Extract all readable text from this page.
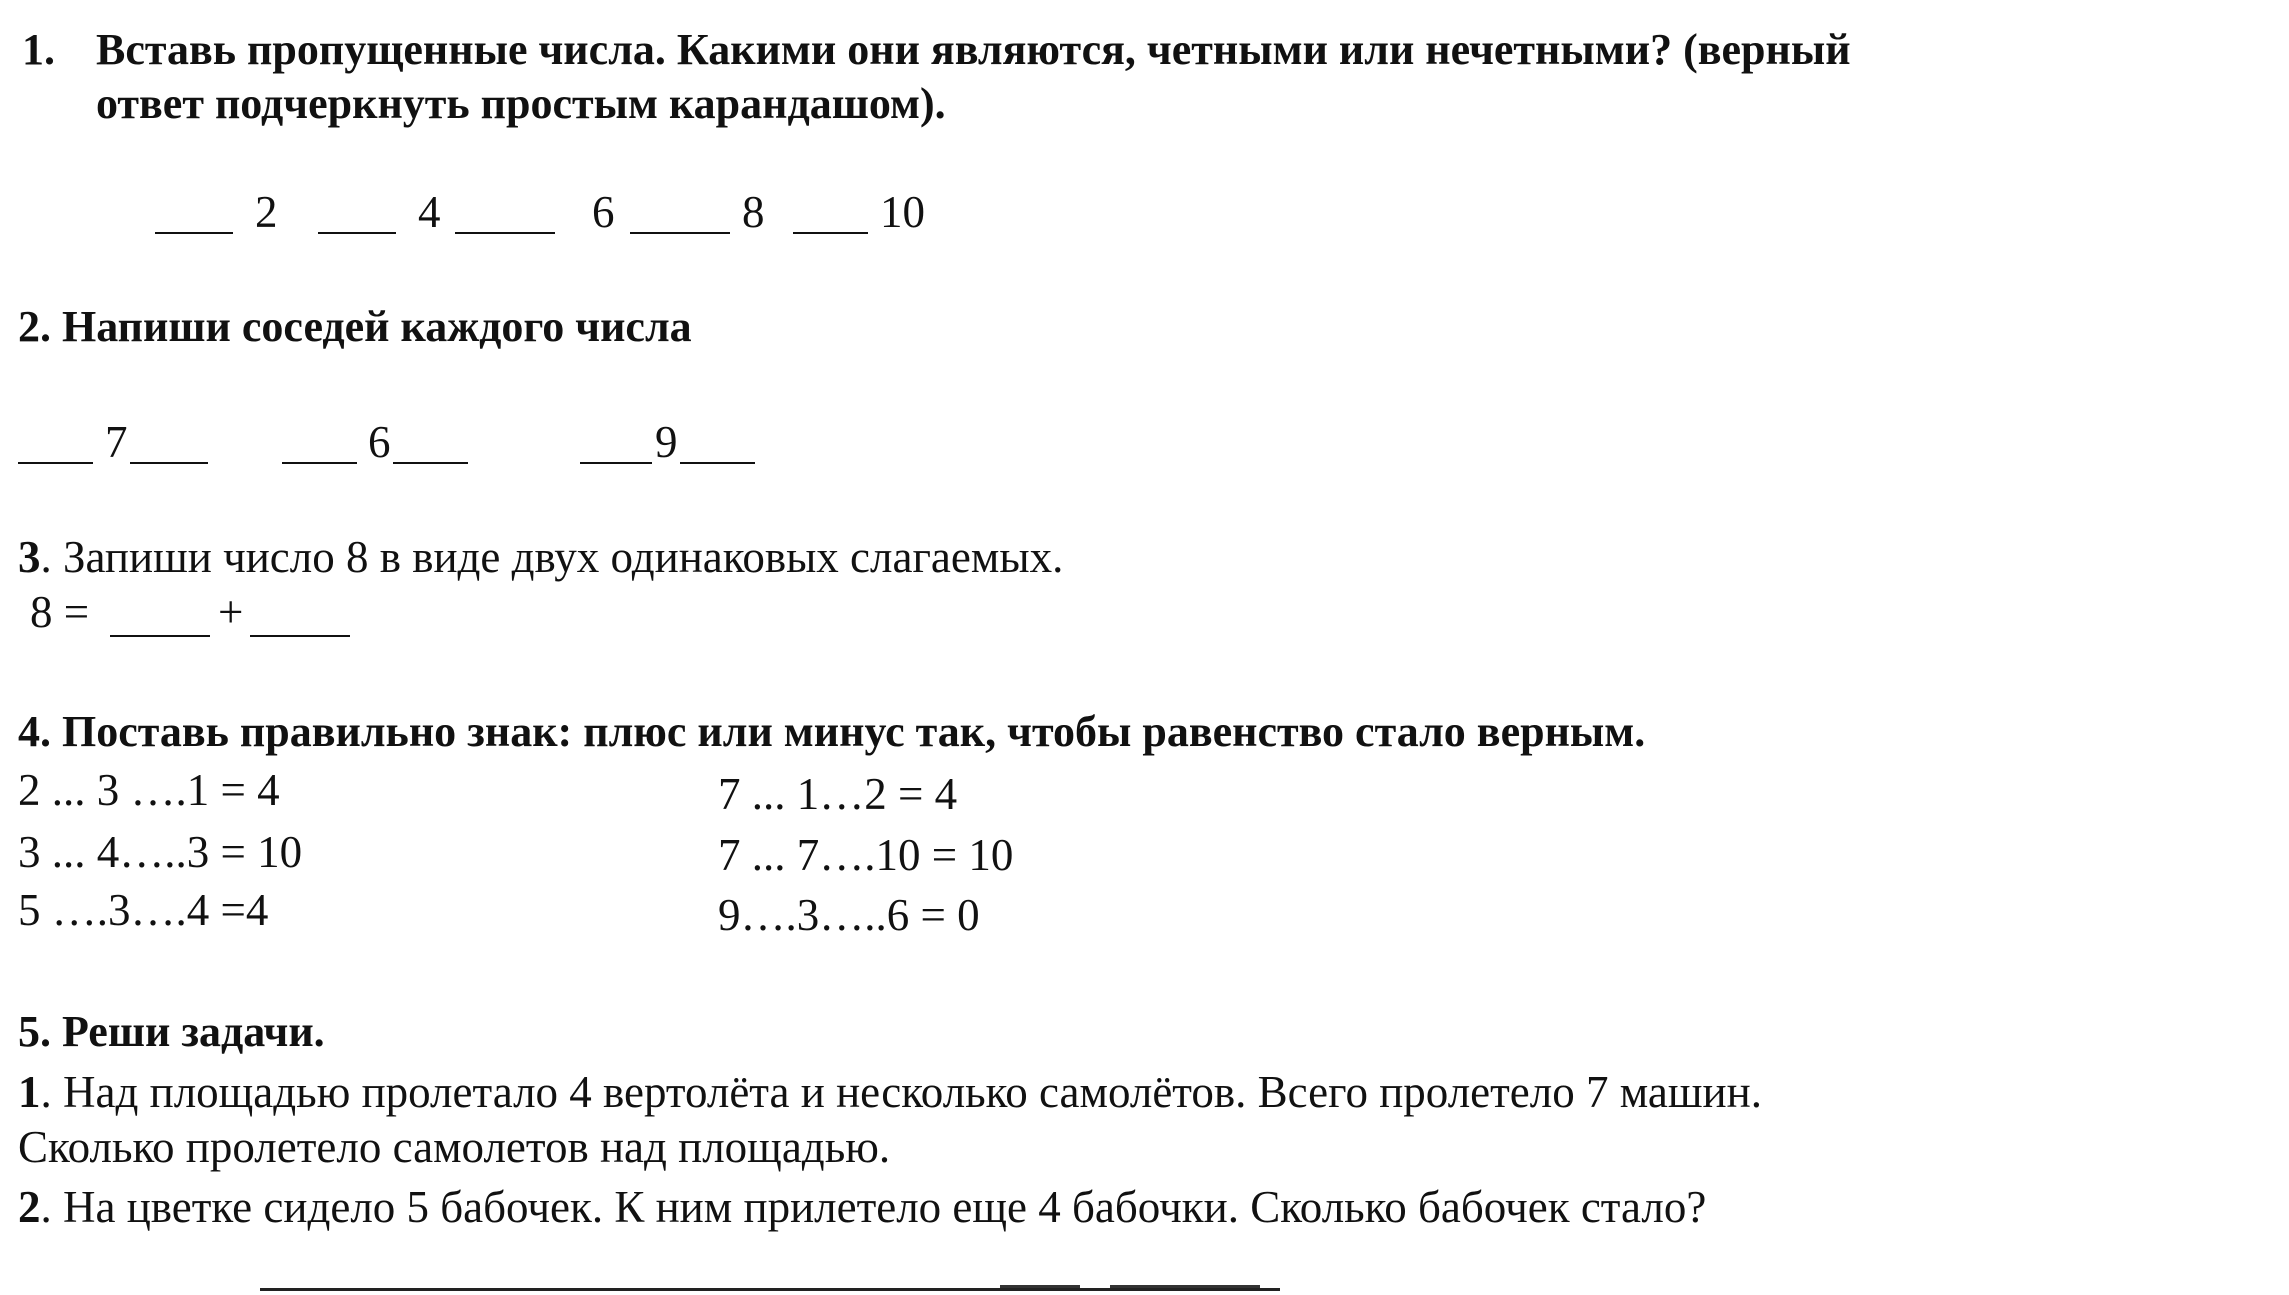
1. Вставь пропущенные числа. Какими они являются, четными или нечетными? (верный
ответ подчеркнуть простым карандашом).
2	4	6	8	10
2. Напиши соседей каждого числа
7	6	9
3. Запиши число 8 в виде двух одинаковых слагаемых.
8 =	+
4. Поставь правильно знак: плюс или минус так, чтобы равенство стало верным.
2 ... 3 ….1 = 4
3 ... 4…..3 = 10
5 ….3….4 =4
7 ... 1…2 = 4
7 ... 7….10 = 10
9….3…..6 = 0
5. Реши задачи.
1. Над площадью пролетало 4 вертолёта и несколько самолётов. Всего пролетело 7 машин.
Сколько пролетело самолетов над площадью.
2. На цветке сидело 5 бабочек. К ним прилетело еще 4 бабочки. Сколько бабочек стало?
